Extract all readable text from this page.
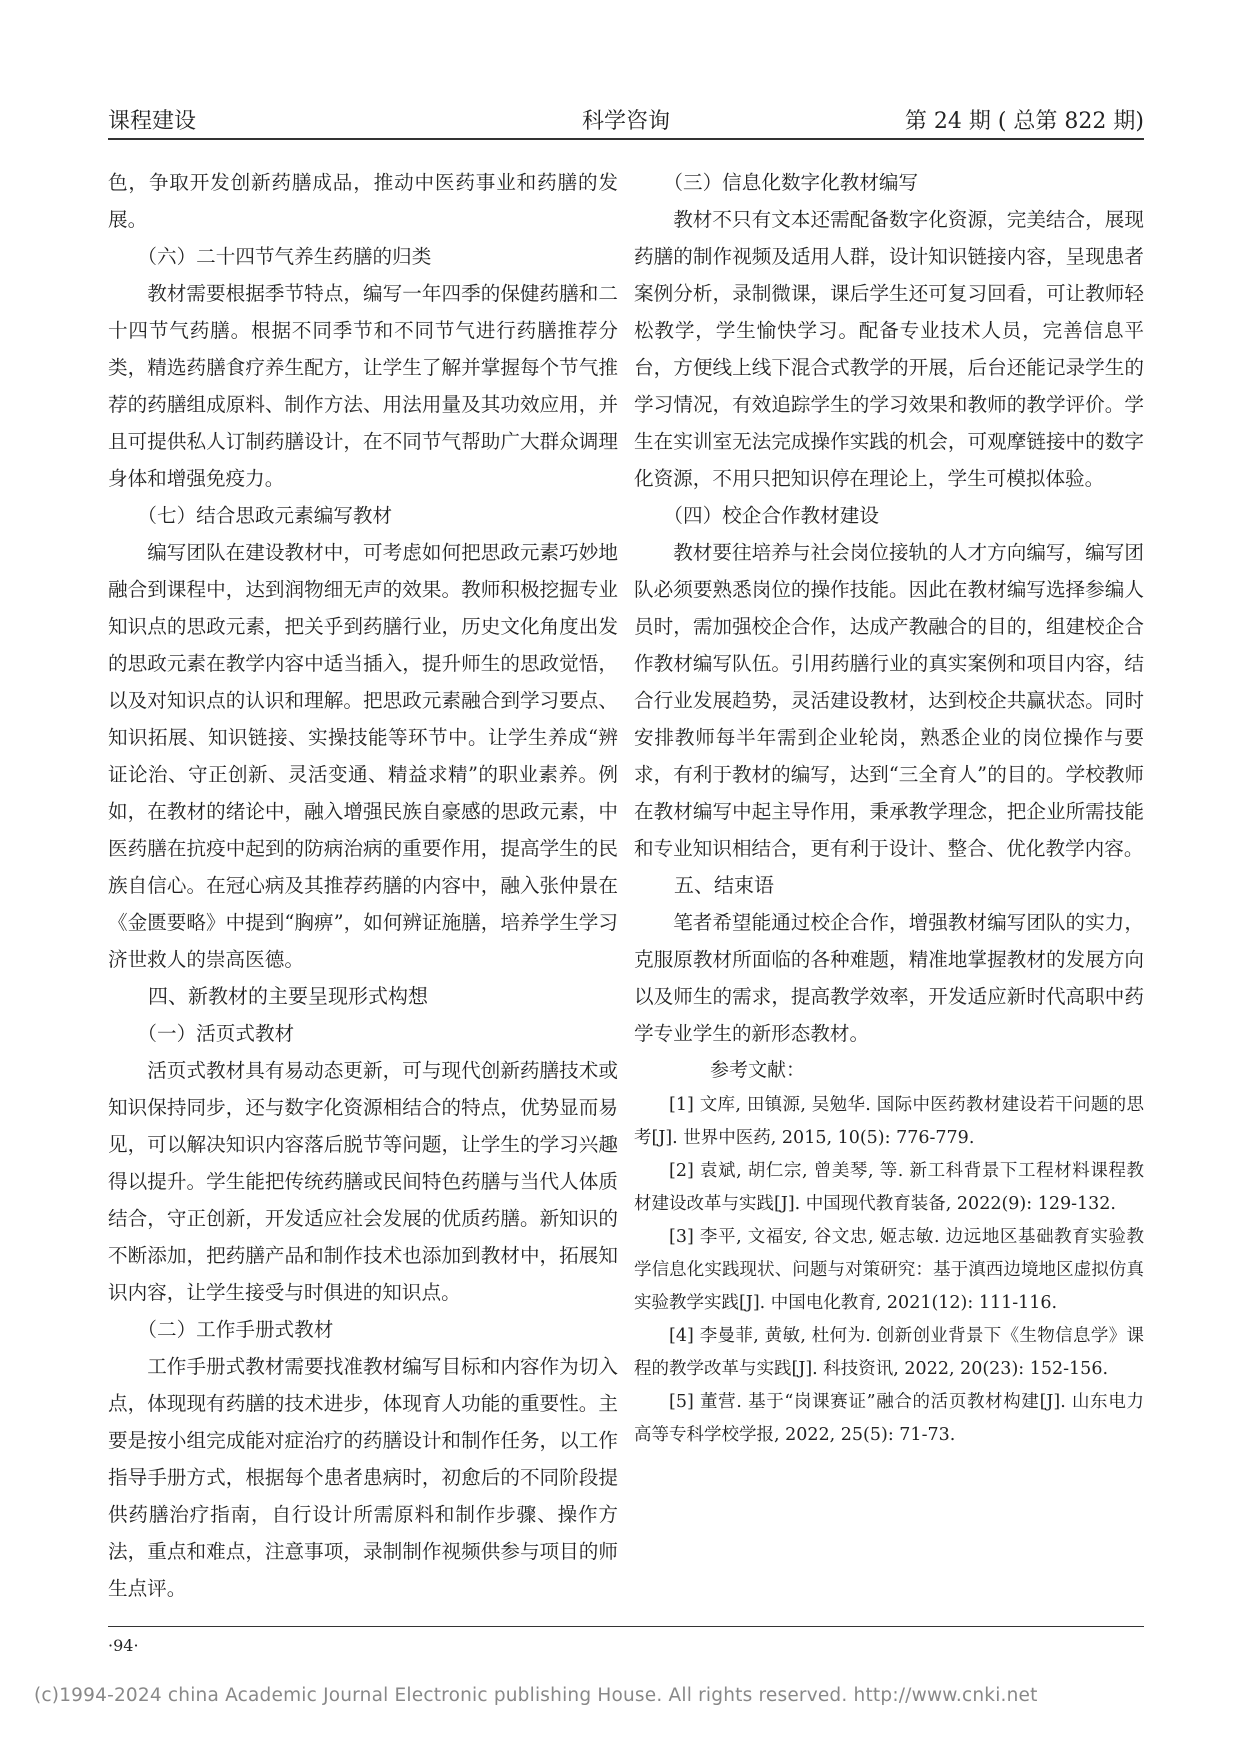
课程建设	科学咨询	第 24 期 ( 总第 822 期)

色，争取开发创新药膳成品，推动中医药事业和药膳的发展。

（六）二十四节气养生药膳的归类

教材需要根据季节特点，编写一年四季的保健药膳和二十四节气药膳。根据不同季节和不同节气进行药膳推荐分类，精选药膳食疗养生配方，让学生了解并掌握每个节气推荐的药膳组成原料、制作方法、用法用量及其功效应用，并且可提供私人订制药膳设计，在不同节气帮助广大群众调理身体和增强免疫力。

（七）结合思政元素编写教材

编写团队在建设教材中，可考虑如何把思政元素巧妙地融合到课程中，达到润物细无声的效果。教师积极挖掘专业知识点的思政元素，把关乎到药膳行业，历史文化角度出发的思政元素在教学内容中适当插入，提升师生的思政觉悟，以及对知识点的认识和理解。把思政元素融合到学习要点、知识拓展、知识链接、实操技能等环节中。让学生养成“辨证论治、守正创新、灵活变通、精益求精”的职业素养。例如，在教材的绪论中，融入增强民族自豪感的思政元素，中医药膳在抗疫中起到的防病治病的重要作用，提高学生的民族自信心。在冠心病及其推荐药膳的内容中，融入张仲景在《金匮要略》中提到“胸痹”，如何辨证施膳，培养学生学习济世救人的崇高医德。

四、新教材的主要呈现形式构想
（一）活页式教材

活页式教材具有易动态更新，可与现代创新药膳技术或知识保持同步，还与数字化资源相结合的特点，优势显而易见，可以解决知识内容落后脱节等问题，让学生的学习兴趣得以提升。学生能把传统药膳或民间特色药膳与当代人体质结合，守正创新，开发适应社会发展的优质药膳。新知识的不断添加，把药膳产品和制作技术也添加到教材中，拓展知识内容，让学生接受与时俱进的知识点。

（二）工作手册式教材

工作手册式教材需要找准教材编写目标和内容作为切入点，体现现有药膳的技术进步，体现育人功能的重要性。主要是按小组完成能对症治疗的药膳设计和制作任务，以工作指导手册方式，根据每个患者患病时，初愈后的不同阶段提供药膳治疗指南，自行设计所需原料和制作步骤、操作方法，重点和难点，注意事项，录制制作视频供参与项目的师生点评。

（三）信息化数字化教材编写

教材不只有文本还需配备数字化资源，完美结合，展现药膳的制作视频及适用人群，设计知识链接内容，呈现患者案例分析，录制微课，课后学生还可复习回看，可让教师轻松教学，学生愉快学习。配备专业技术人员，完善信息平台，方便线上线下混合式教学的开展，后台还能记录学生的学习情况，有效追踪学生的学习效果和教师的教学评价。学生在实训室无法完成操作实践的机会，可观摩链接中的数字化资源，不用只把知识停在理论上，学生可模拟体验。

（四）校企合作教材建设

教材要往培养与社会岗位接轨的人才方向编写，编写团队必须要熟悉岗位的操作技能。因此在教材编写选择参编人员时，需加强校企合作，达成产教融合的目的，组建校企合作教材编写队伍。引用药膳行业的真实案例和项目内容，结合行业发展趋势，灵活建设教材，达到校企共赢状态。同时安排教师每半年需到企业轮岗，熟悉企业的岗位操作与要求，有利于教材的编写，达到“三全育人”的目的。学校教师在教材编写中起主导作用，秉承教学理念，把企业所需技能和专业知识相结合，更有利于设计、整合、优化教学内容。

五、结束语

笔者希望能通过校企合作，增强教材编写团队的实力，克服原教材所面临的各种难题，精准地掌握教材的发展方向以及师生的需求，提高教学效率，开发适应新时代高职中药学专业学生的新形态教材。

参考文献：

[1] 文库, 田镇源, 吴勉华. 国际中医药教材建设若干问题的思考[J]. 世界中医药, 2015, 10(5): 776-779.

[2] 袁斌, 胡仁宗, 曾美琴, 等. 新工科背景下工程材料课程教材建设改革与实践[J]. 中国现代教育装备, 2022(9): 129-132.

[3] 李平, 文福安, 谷文忠, 姬志敏. 边远地区基础教育实验教学信息化实践现状、问题与对策研究：基于滇西边境地区虚拟仿真实验教学实践[J]. 中国电化教育, 2021(12): 111-116.

[4] 李曼菲, 黄敏, 杜何为. 创新创业背景下《生物信息学》课程的教学改革与实践[J]. 科技资讯, 2022, 20(23): 152-156.

[5] 董营. 基于“岗课赛证”融合的活页教材构建[J]. 山东电力高等专科学校学报, 2022, 25(5): 71-73.

·94·
(c)1994-2024 china Academic Journal Electronic publishing House. All rights reserved. http://www.cnki.net
